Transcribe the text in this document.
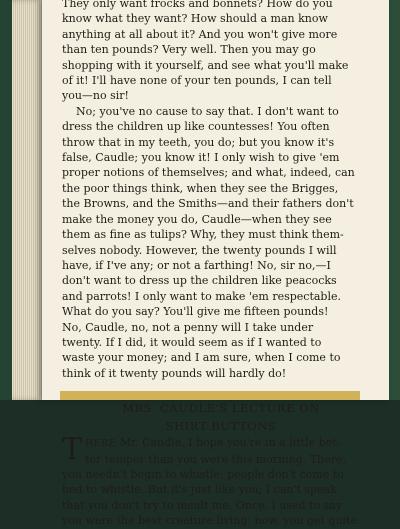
They only want frocks and bonnets? How do you
know what they want? How should a man know
anything at all about it? And you won't give more
than ten pounds? Very well. Then you may go
shopping with it yourself, and see what you'll make
of it! I'll have none of your ten pounds, I can tell
you—no sir!

No; you've no cause to say that. I don't want to
dress the children up like countesses! You often
throw that in my teeth, you do; but you know it's
false, Caudle; you know it! I only wish to give 'em
proper notions of themselves; and what, indeed, can
the poor things think, when they see the Brigges,
the Browns, and the Smiths—and their fathers don't
make the money you do, Caudle—when they see
them as fine as tulips? Why, they must think them-
selves nobody. However, the twenty pounds I will
have, if I've any; or not a farthing! No, sir no,—I
don't want to dress up the children like peacocks
and parrots! I only want to make 'em respectable.
What do you say? You'll give me fifteen pounds!
No, Caudle, no, not a penny will I take under
twenty. If I did, it would seem as if I wanted to
waste your money; and I am sure, when I come to
think of it twenty pounds will hardly do!

MRS. CAUDLE'S LECTURE ON
SHIRT BUTTONS

T HERE Mr. Caudle, I hope you're in a little bet-
ter temper than you were this morning. There,
you needn't begin to whistle: people don't come to
bed to whistle. But it's just like you; I can't speak
that you don't try to insult me. Once, I used to say
you were the best creature living: now, you get quite
